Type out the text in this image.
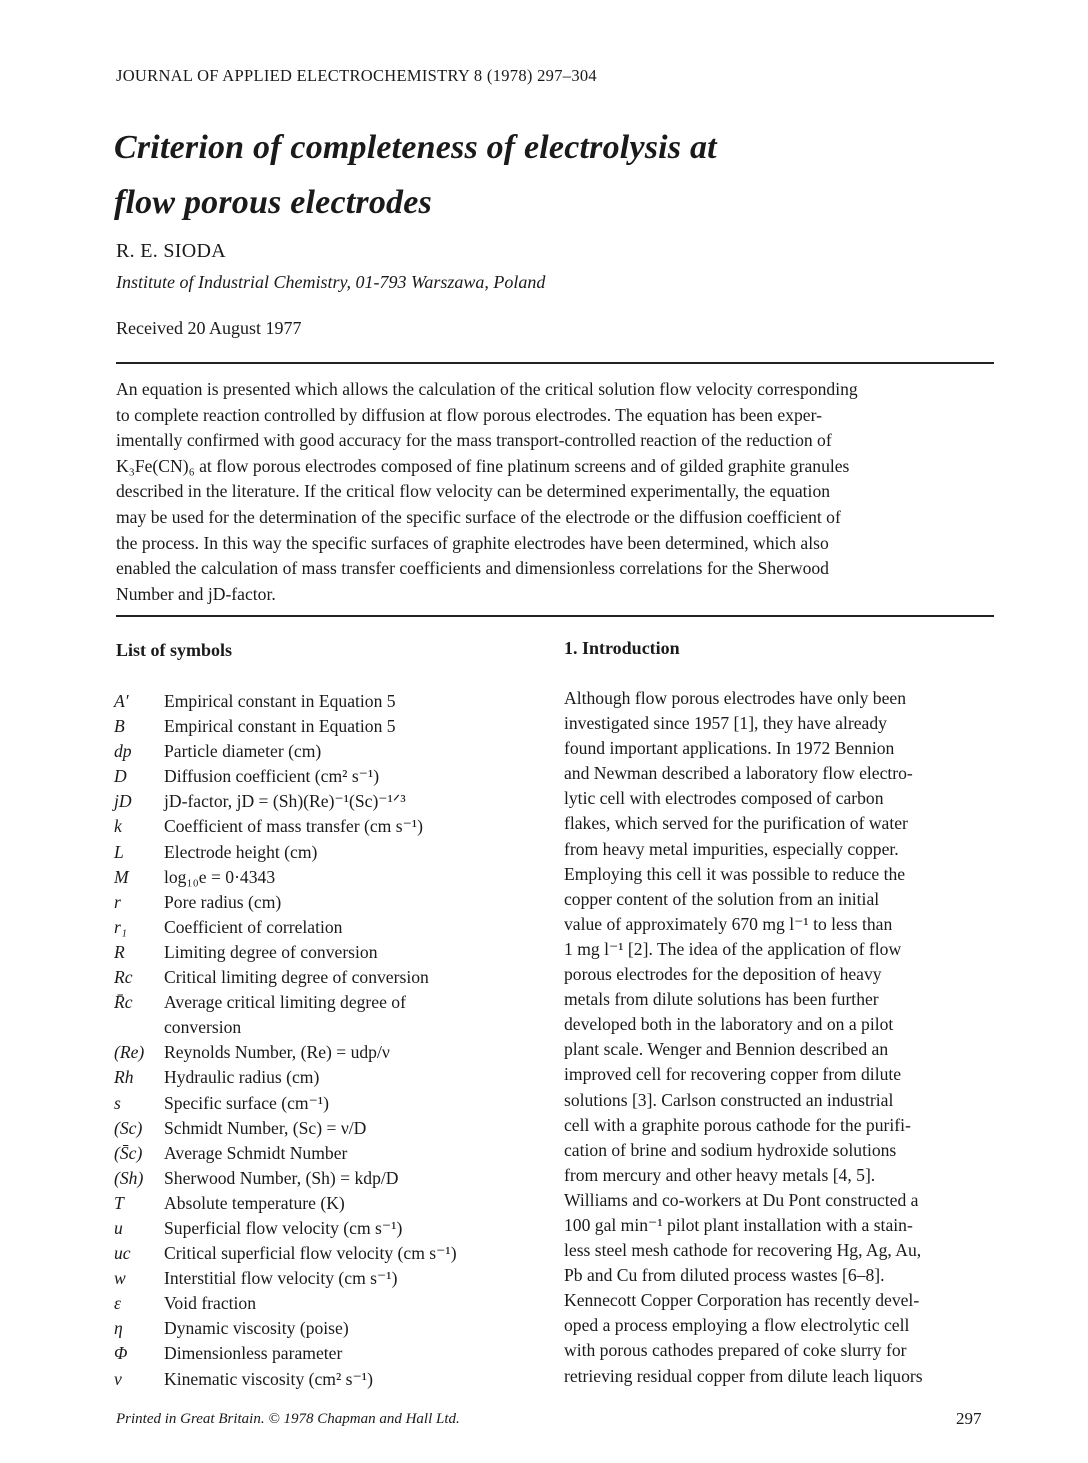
JOURNAL OF APPLIED ELECTROCHEMISTRY 8 (1978) 297–304
Criterion of completeness of electrolysis at
flow porous electrodes
R. E. SIODA
Institute of Industrial Chemistry, 01-793 Warszawa, Poland
Received 20 August 1977
An equation is presented which allows the calculation of the critical solution flow velocity corresponding
to complete reaction controlled by diffusion at flow porous electrodes. The equation has been exper-
imentally confirmed with good accuracy for the mass transport-controlled reaction of the reduction of
K₃Fe(CN)₆ at flow porous electrodes composed of fine platinum screens and of gilded graphite granules
described in the literature. If the critical flow velocity can be determined experimentally, the equation
may be used for the determination of the specific surface of the electrode or the diffusion coefficient of
the process. In this way the specific surfaces of graphite electrodes have been determined, which also
enabled the calculation of mass transfer coefficients and dimensionless correlations for the Sherwood
Number and jD-factor.
List of symbols
A′	Empirical constant in Equation 5
B	Empirical constant in Equation 5
dp	Particle diameter (cm)
D	Diffusion coefficient (cm² s⁻¹)
jD	jD-factor, jD = (Sh)(Re)⁻¹(Sc)⁻¹ᐟ³
k	Coefficient of mass transfer (cm s⁻¹)
L	Electrode height (cm)
M	log₁₀e = 0·4343
r	Pore radius (cm)
r₁	Coefficient of correlation
R	Limiting degree of conversion
Rc	Critical limiting degree of conversion
R̄c	Average critical limiting degree of
conversion
(Re)	Reynolds Number, (Re) = udp/ν
Rh	Hydraulic radius (cm)
s	Specific surface (cm⁻¹)
(Sc)	Schmidt Number, (Sc) = ν/D
(S̄c)	Average Schmidt Number
(Sh)	Sherwood Number, (Sh) = kdp/D
T	Absolute temperature (K)
u	Superficial flow velocity (cm s⁻¹)
uc	Critical superficial flow velocity (cm s⁻¹)
w	Interstitial flow velocity (cm s⁻¹)
ε	Void fraction
η	Dynamic viscosity (poise)
Φ	Dimensionless parameter
ν	Kinematic viscosity (cm² s⁻¹)
1. Introduction
Although flow porous electrodes have only been
investigated since 1957 [1], they have already
found important applications. In 1972 Bennion
and Newman described a laboratory flow electro-
lytic cell with electrodes composed of carbon
flakes, which served for the purification of water
from heavy metal impurities, especially copper.
Employing this cell it was possible to reduce the
copper content of the solution from an initial
value of approximately 670 mg l⁻¹ to less than
1 mg l⁻¹ [2]. The idea of the application of flow
porous electrodes for the deposition of heavy
metals from dilute solutions has been further
developed both in the laboratory and on a pilot
plant scale. Wenger and Bennion described an
improved cell for recovering copper from dilute
solutions [3]. Carlson constructed an industrial
cell with a graphite porous cathode for the purifi-
cation of brine and sodium hydroxide solutions
from mercury and other heavy metals [4, 5].
Williams and co-workers at Du Pont constructed a
100 gal min⁻¹ pilot plant installation with a stain-
less steel mesh cathode for recovering Hg, Ag, Au,
Pb and Cu from diluted process wastes [6–8].
Kennecott Copper Corporation has recently devel-
oped a process employing a flow electrolytic cell
with porous cathodes prepared of coke slurry for
retrieving residual copper from dilute leach liquors
Printed in Great Britain. © 1978 Chapman and Hall Ltd.	297
